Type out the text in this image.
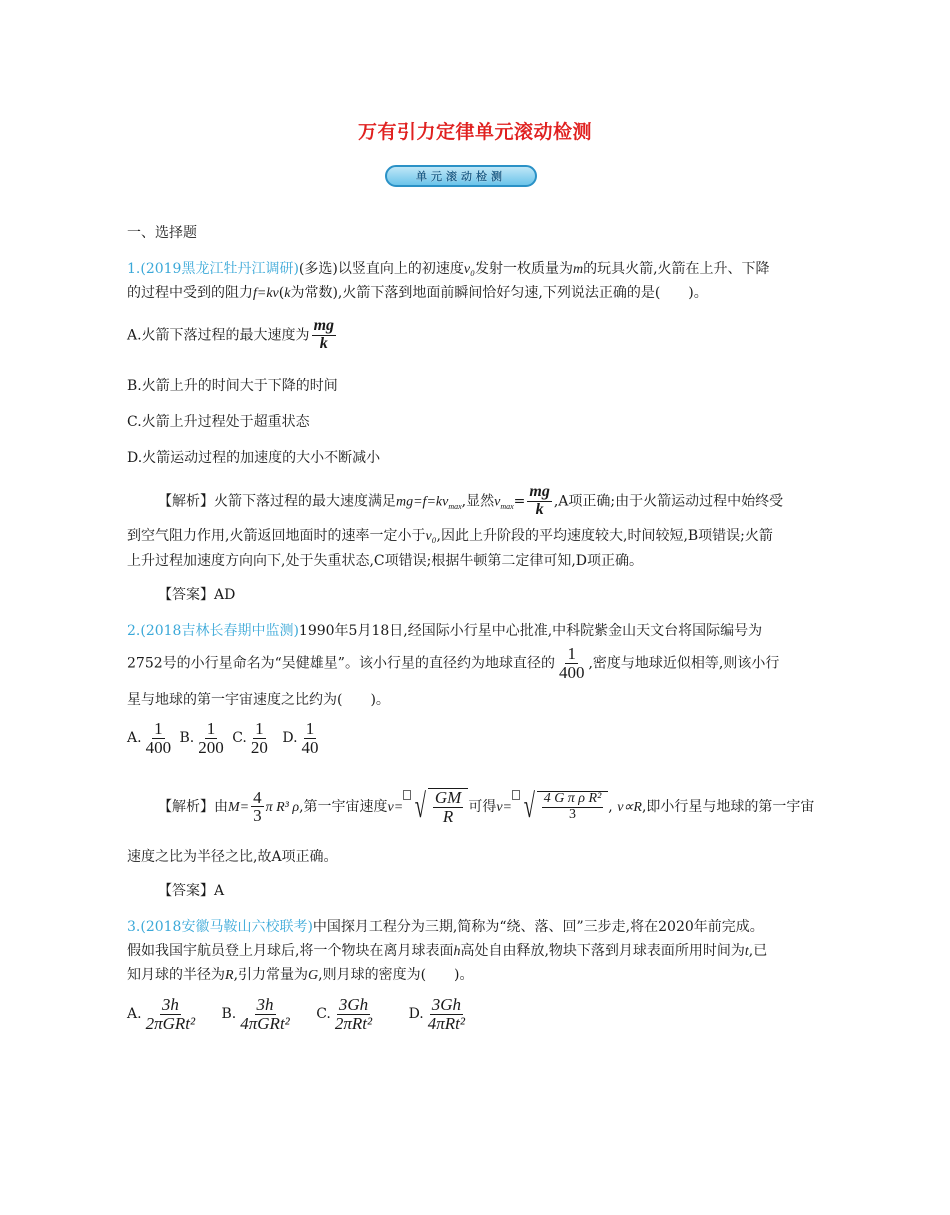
万有引力定律单元滚动检测
单元滚动检测
一、选择题
1.(2019黑龙江牡丹江调研)(多选)以竖直向上的初速度v₀发射一枚质量为m的玩具火箭,火箭在上升、下降
的过程中受到的阻力f=kv(k为常数),火箭下落到地面前瞬间恰好匀速,下列说法正确的是(　　)。
A.火箭下落过程的最大速度为 $\frac{mg}{k}$
B.火箭上升的时间大于下降的时间
C.火箭上升过程处于超重状态
D.火箭运动过程的加速度的大小不断减小
【解析】火箭下落过程的最大速度满足$mg=f=kv_{max}$,显然$v_{max}= \frac{mg}{k} ,A$项正确;由于火箭运动过程中始终受
到空气阻力作用,火箭返回地面时的速率一定小于v₀,因此上升阶段的平均速度较大,时间较短,B项错误;火箭
上升过程加速度方向向下,处于失重状态,C项错误;根据牛顿第二定律可知,D项正确。
【答案】AD
2.(2018吉林长春期中监测)1990年5月18日,经国际小行星中心批准,中科院紫金山天文台将国际编号为
2752号的小行星命名为“吴健雄星”。该小行星的直径约为地球直径的 $\frac{1}{400}$ ,密度与地球近似相等,则该小行
星与地球的第一宇宙速度之比约为(　　)。
A. $\frac{1}{400} B$. $\frac{1}{200} C$. $\frac{1}{20} D$. $\frac{1}{40}$
【解析】由$M= \frac{4}{3}$ π R³ ρ,第一宇宙速度v= √ $\frac{GM}{R}$ 可得v= √ $\frac{\text{4 G π ρ R²}}{3}$ , v∝R,即小行星与地球的第一宇宙
速度之比为半径之比,故A项正确。
【答案】A
3.(2018安徽马鞍山六校联考)中国探月工程分为三期,简称为“绕、落、回”三步走,将在2020年前完成。
假如我国宇航员登上月球后,将一个物块在离月球表面h高处自由释放,物块下落到月球表面所用时间为t,已
知月球的半径为R,引力常量为G,则月球的密度为(　　)。
A. $\frac{3h}{\text{2πGRt²}} B$. $\frac{3h}{\text{4πGRt²}} C$. $\frac{3Gh}{\text{2πRt²}} D$. $\frac{3Gh}{\text{4πRt²}}$
